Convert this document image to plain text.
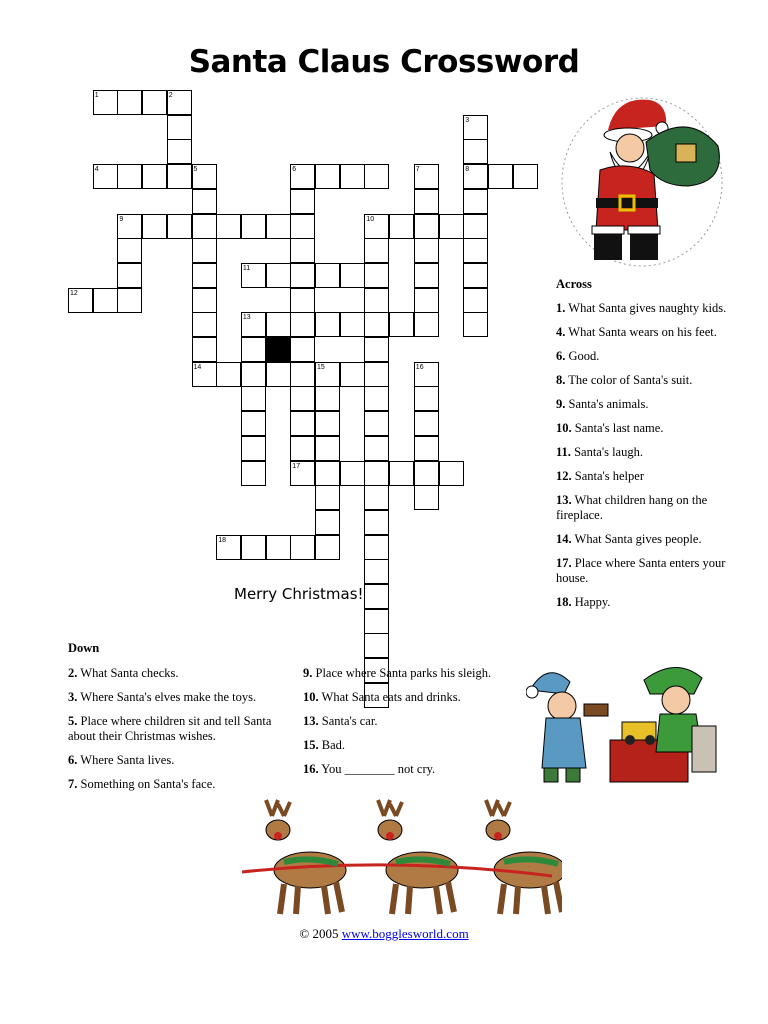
Santa Claus Crossword
1	2
3
4	5	6	7	8
9	10
11
12
13
14	15	16
17
18
Merry Christmas!
Across
1. What Santa gives naughty kids.
4. What Santa wears on his feet.
6. Good.
8. The color of Santa's suit.
9. Santa's animals.
10. Santa's last name.
11. Santa's laugh.
12. Santa's helper
13. What children hang on the fireplace.
14. What Santa gives people.
17. Place where Santa enters your house.
18. Happy.
Down
2. What Santa checks.
3. Where Santa's elves make the toys.
5. Place where children sit and tell Santa about their Christmas wishes.
6. Where Santa lives.
7. Something on Santa's face.
9. Place where Santa parks his sleigh.
10. What Santa eats and drinks.
13. Santa's car.
15. Bad.
16. You ________ not cry.
© 2005 www.bogglesworld.com
